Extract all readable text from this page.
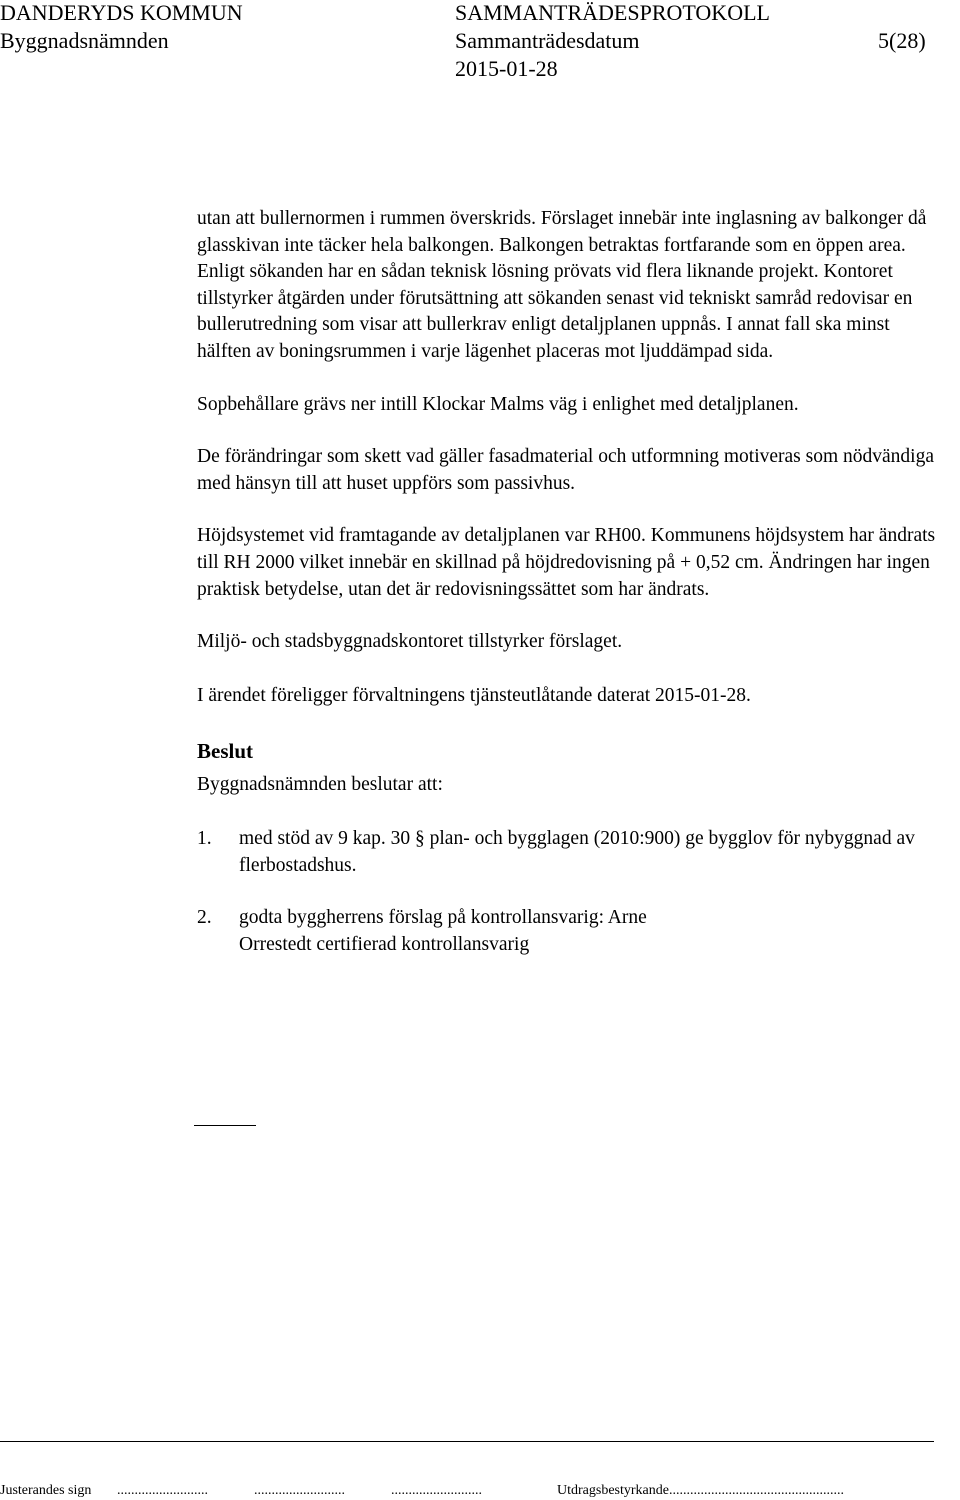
DANDERYDS KOMMUN	SAMMANTRÄDESPROTOKOLL
Byggnadsnämnden	Sammanträdesdatum	5(28)
2015-01-28

utan att bullernormen i rummen överskrids. Förslaget innebär inte inglasning av balkonger då glasskivan inte täcker hela balkongen. Balkongen betraktas fortfarande som en öppen area. Enligt sökanden har en sådan teknisk lösning prövats vid flera liknande projekt. Kontoret tillstyrker åtgärden under förutsättning att sökanden senast vid tekniskt samråd redovisar en bullerutredning som visar att bullerkrav enligt detaljplanen uppnås. I annat fall ska minst hälften av boningsrummen i varje lägenhet placeras mot ljuddämpad sida.

Sopbehållare grävs ner intill Klockar Malms väg i enlighet med detaljplanen.

De förändringar som skett vad gäller fasadmaterial och utformning motiveras som nödvändiga med hänsyn till att huset uppförs som passivhus.

Höjdsystemet vid framtagande av detaljplanen var RH00. Kommunens höjdsystem har ändrats till RH 2000 vilket innebär en skillnad på höjdredovisning på + 0,52 cm. Ändringen har ingen praktisk betydelse, utan det är redovisningssättet som har ändrats.

Miljö- och stadsbyggnadskontoret tillstyrker förslaget.

I ärendet föreligger förvaltningens tjänsteutlåtande daterat 2015-01-28.

Beslut

Byggnadsnämnden beslutar att:

1. med stöd av 9 kap. 30 § plan- och bygglagen (2010:900) ge bygglov för nybyggnad av flerbostadshus.
2. godta byggherrens förslag på kontrollansvarig: Arne Orrestedt certifierad kontrollansvarig
Justerandes sign ..........................	..........................	..........................	Utdragsbestyrkande..................................................
